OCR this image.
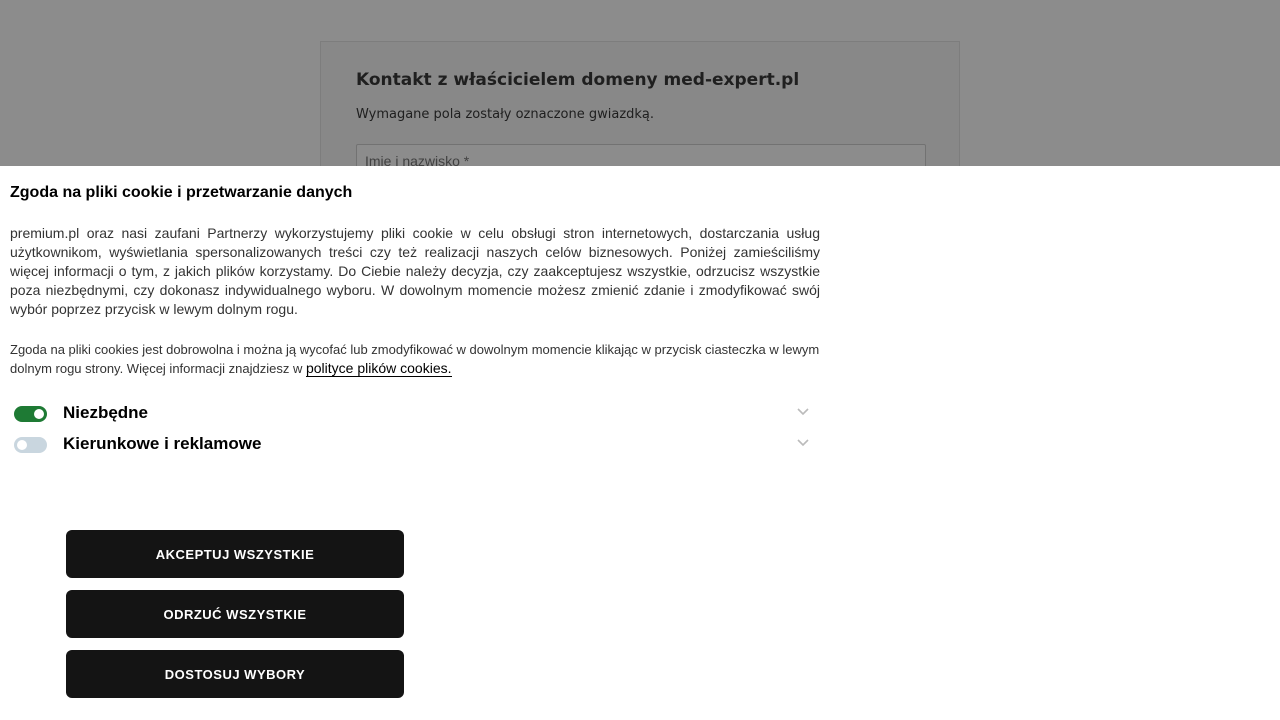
Kontakt z właścicielem domeny med-expert.pl
Wymagane pola zostały oznaczone gwiazdką.
Imię i nazwisko *
Zgoda na pliki cookie i przetwarzanie danych

premium.pl oraz nasi zaufani Partnerzy wykorzystujemy pliki cookie w celu obsługi stron internetowych, dostarczania usług użytkownikom, wyświetlania spersonalizowanych treści czy też realizacji naszych celów biznesowych. Poniżej zamieściliśmy więcej informacji o tym, z jakich plików korzystamy. Do Ciebie należy decyzja, czy zaakceptujesz wszystkie, odrzucisz wszystkie poza niezbędnymi, czy dokonasz indywidualnego wyboru. W dowolnym momencie możesz zmienić zdanie i zmodyfikować swój wybór poprzez przycisk w lewym dolnym rogu.

Zgoda na pliki cookies jest dobrowolna i można ją wycofać lub zmodyfikować w dowolnym momencie klikając w przycisk ciasteczka w lewym dolnym rogu strony. Więcej informacji znajdziesz w polityce plików cookies.

Niezbędne
Kierunkowe i reklamowe
AKCEPTUJ WSZYSTKIE
ODRZUĆ WSZYSTKIE
DOSTOSUJ WYBORY
